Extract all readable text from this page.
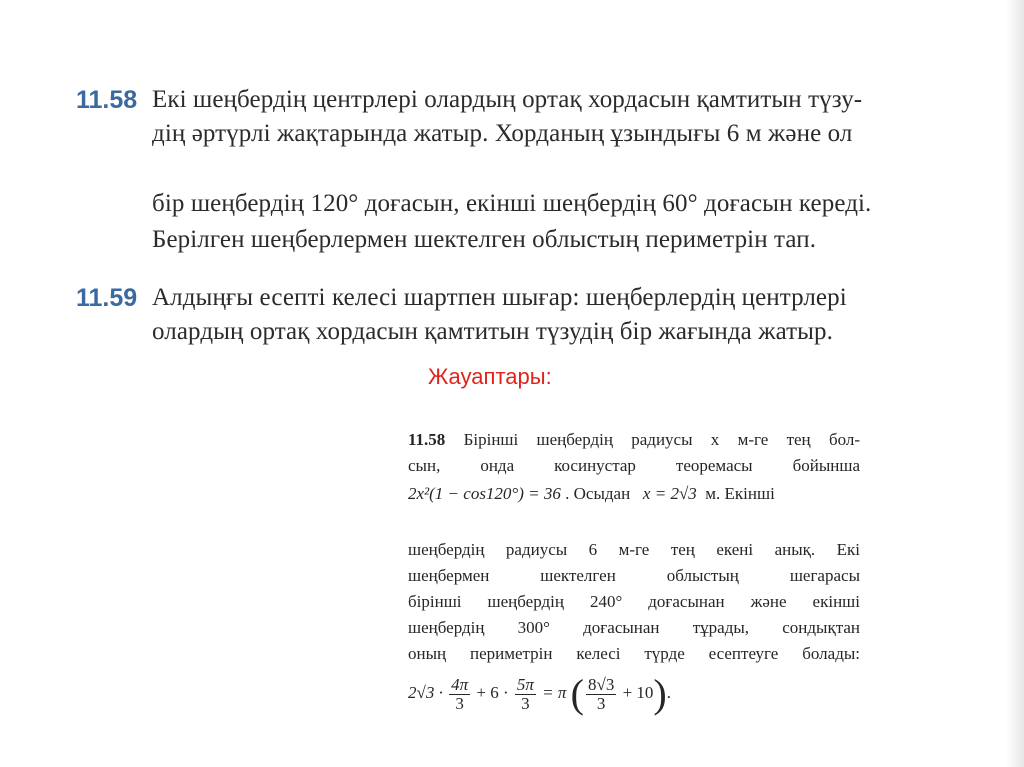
11.58 Екі шеңбердің центрлері олардың ортақ хордасын қамтитын түзу-
дің әртүрлі жақтарында жатыр. Хорданың ұзындығы 6 м және ол
бір шеңбердің 120° доғасын, екінші шеңбердің 60° доғасын кереді.
Берілген шеңберлермен шектелген облыстың периметрін тап.
11.59 Алдыңғы есепті келесі шартпен шығар: шеңберлердің центрлері
олардың ортақ хордасын қамтитын түзудің бір жағында жатыр.
Жауаптары:
11.58 Бірінші шеңбердің радиусы x м-ге тең бол-
сын, онда косинустар теоремасы бойынша
2x²(1 − cos120°) = 36 . Осыдан x = 2√3 м. Екінші
шеңбердің радиусы 6 м-ге тең екені анық. Екі
шеңбермен шектелген облыстың шегарасы
бірінші шеңбердің 240° доғасынан және екінші
шеңбердің 300° доғасынан тұрады, сондықтан
оның периметрін келесі түрде есептеуге болады:
$2√3 \cdot \frac{4\pi}{3} + 6 \cdot \frac{5\pi}{3} = \pi$ ( $\frac{8√3}{3} + 10$).
